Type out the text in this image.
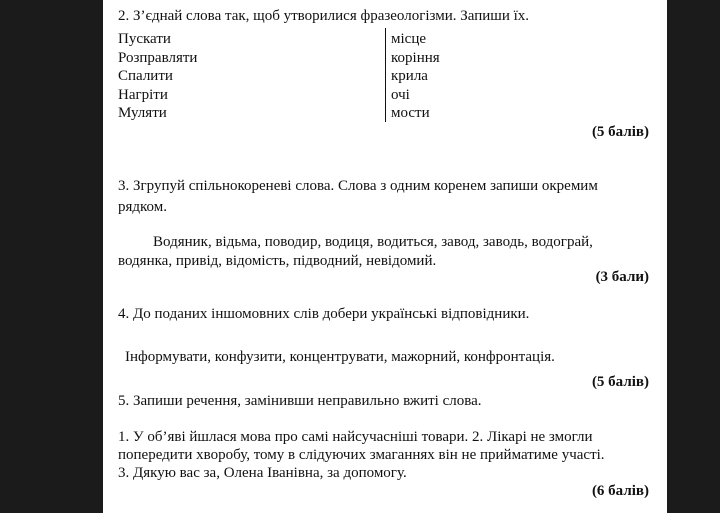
2. З’єднай слова так, щоб утворилися фразеологізми. Запиши їх.
Пускати
Розправляти
Спалити
Нагріти
Муляти
місце
коріння
крила
очі
мости
(5 балів)
3. Згрупуй спільнокореневі слова. Слова з одним коренем запиши окремим
рядком.
Водяник, відьма, поводир, водиця, водиться, завод, заводь, водограй,
водянка, привід, відомість, підводний, невідомий.
(3 бали)
4. До поданих іншомовних слів добери українські відповідники.
Інформувати, конфузити, концентрувати, мажорний, конфронтація.
(5 балів)
5. Запиши речення, замінивши неправильно вжиті слова.
1. У об’яві йшлася мова про самі найсучасніші товари. 2. Лікарі не змогли
попередити хворобу, тому в слідуючих змаганнях він не прийматиме участі.
3. Дякую вас за, Олена Іванівна, за допомогу.
(6 балів)
